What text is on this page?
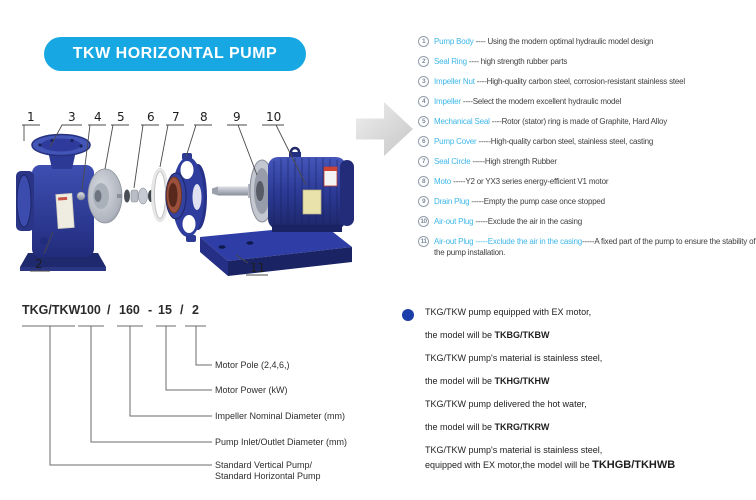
TKW HORIZONTAL PUMP
1	3 4 5 6 7 8 9 10
2	11
1	Pump Body ---- Using the modern optimal hydraulic model design
2	Seal Ring ---- high strength rubber parts
3	Impeller Nut ----High-quality carbon steel, corrosion-resistant stainless steel
4	Impeller ----Select the modern excellent hydraulic model
5	Mechanical Seal ----Rotor (stator) ring is made of Graphite, Hard Alloy
6	Pump Cover -----High-quality carbon steel, stainless steel, casting
7	Seal Circle -----High strength Rubber
8	Moto -----Y2 or YX3 series energy-efficient V1 motor
9	Drain Plug -----Empty the pump case once stopped
10 Air-out Plug -----Exclude the air in the casing
11 Air-out Plug -----Exclude the air in the casing-----A fixed part of the pump to ensure the stability of the pump installation.
TKG/TKW 100 / 160 - 15 / 2
Motor Pole (2,4,6,)
Motor Power (kW)
Impeller Nominal Diameter (mm)
Pump Inlet/Outlet Diameter (mm)
Standard Vertical Pump/
Standard Horizontal Pump

TKG/TKW pump equipped with EX motor,

the model will be TKBG/TKBW

TKG/TKW pump's material is stainless steel,

the model will be TKHG/TKHW

TKG/TKW pump delivered the hot water,

the model will be TKRG/TKRW

TKG/TKW pump's material is stainless steel,

equipped with EX motor,the model will be TKHGB/TKHWB
